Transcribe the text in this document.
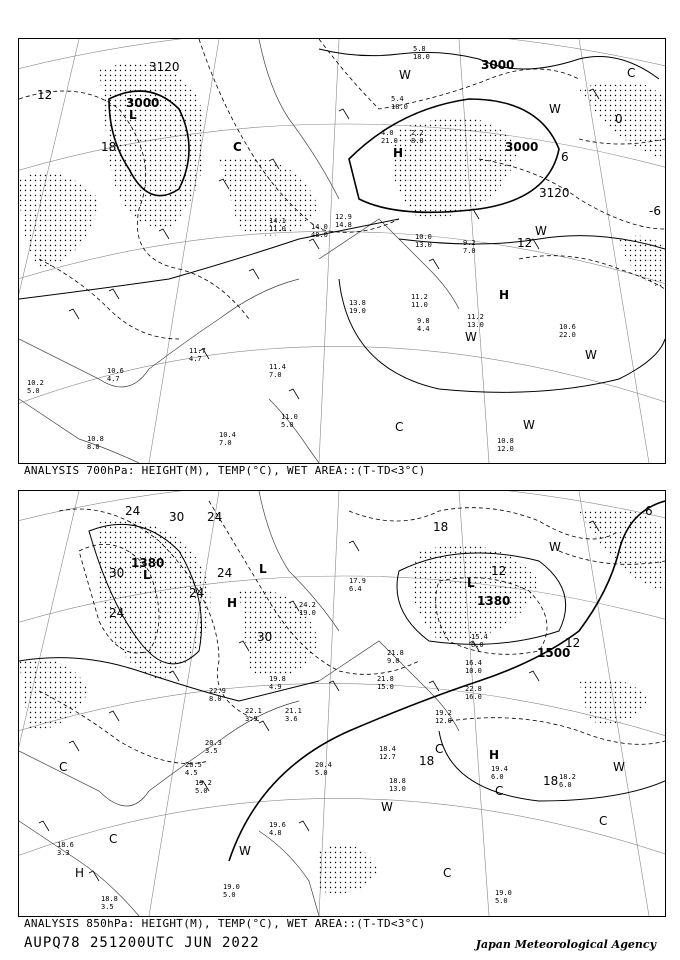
3000
3000
3000
3120
3120
12
18
12
6
0
-6
L
C	H
H
C
W
W
W
W
C	W
W
11.2
13.0	10.6
22.0
10.8
12.0
11.2
11.0
13.8
19.0
9.8
4.4
10.0
13.0	9.2
7.0
11.4
7.0
10.4
7.0
10.6
4.7
11.0
5.0
10.2
5.0
10.8
8.0
11.7
4.7
14.1
11.0	14.0
48.0
12.9
14.8
5.4
18.0
5.8
18.0
2.2
8.0
4.0
21.0
ANALYSIS 700hPa: HEIGHT(M), TEMP(°C), WET AREA::(T-TD<3°C)
1380
1380
1500
24 30 24
30
24
24
24
30
18
12
18
12
18
6
L
H
L
H
L
C
C
C
H
W
W
W
C
C
W
C	19.4
6.0	18.2
6.0
19.0
5.0
18.8
13.0
18.4
12.7
19.2
12.0
22.8
16.0
16.4
10.0
15.4
6.0
21.8
15.0
20.4
5.0
19.6
4.8
19.0
5.0
19.2
5.0
18.6
3.3
18.8
3.5
22.9
8.0
22.1
3.9
20.3
3.5
21.1
3.6
19.8
4.9
17.9
6.4
24.2
19.0
21.8
9.0
20.5
4.5
ANALYSIS 850hPa: HEIGHT(M), TEMP(°C), WET AREA::(T-TD<3°C)
AUPQ78 251200UTC JUN 2022	Japan Meteorological Agency
